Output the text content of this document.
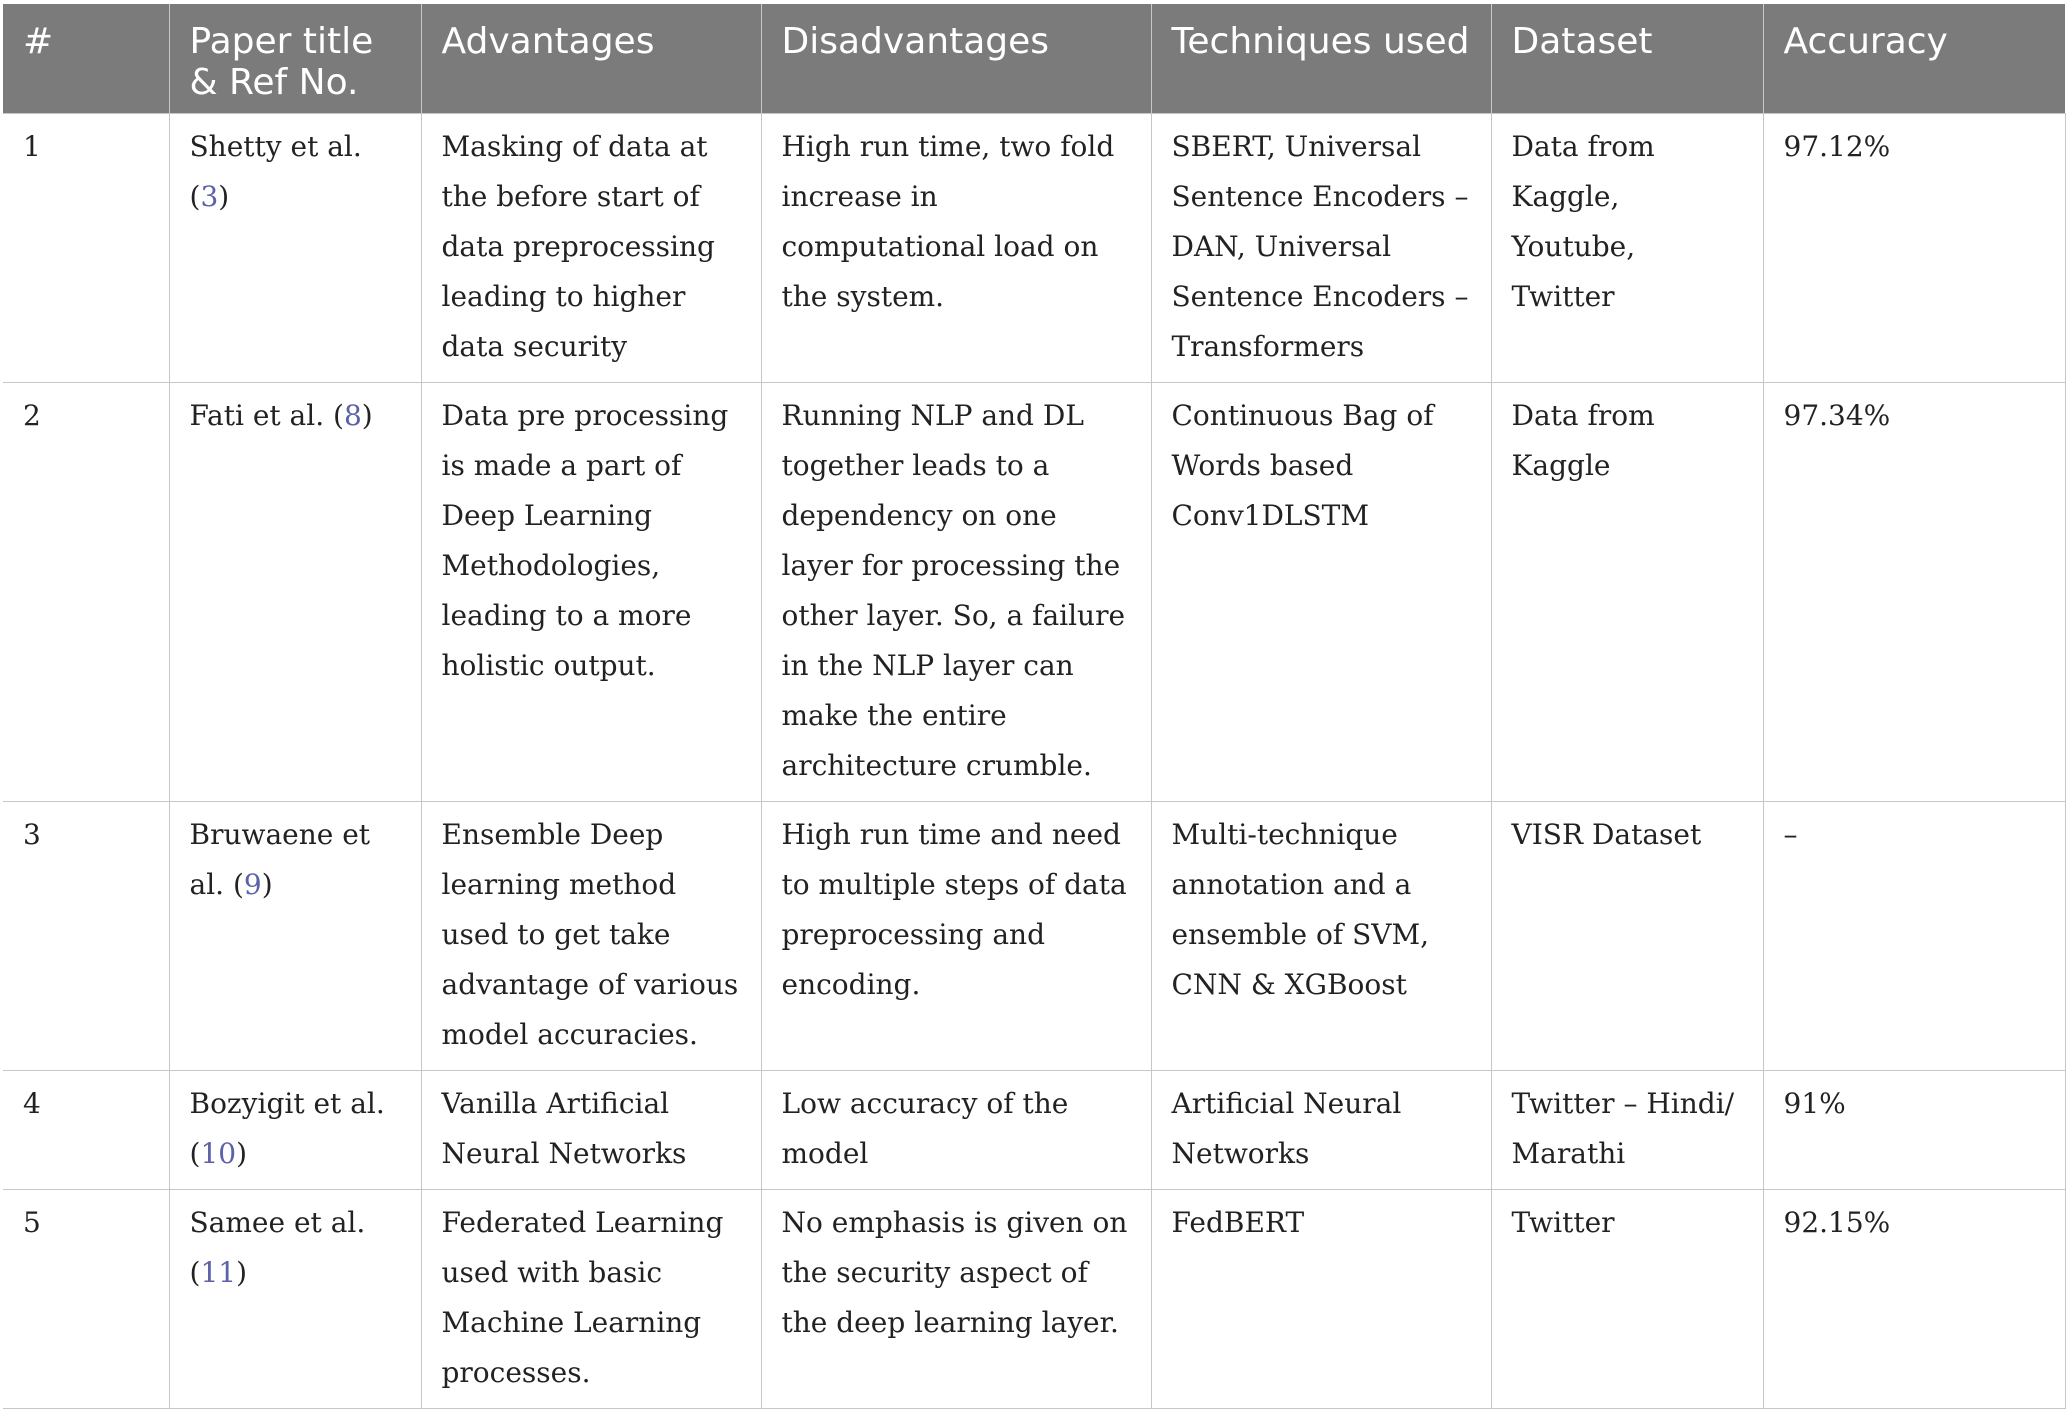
#	Paper title & Ref No.	Advantages	Disadvantages	Techniques used	Dataset	Accuracy
1	Shetty et al. (3)	Masking of data at the before start of data preprocessing leading to higher data security	High run time, two fold increase in computational load on the system.	SBERT, Universal Sentence Encoders – DAN, Universal Sentence Encoders – Transformers	Data from Kaggle, Youtube, Twitter	97.12%
2	Fati et al. (8)	Data pre processing is made a part of Deep Learning Methodologies, leading to a more holistic output.	Running NLP and DL together leads to a dependency on one layer for processing the other layer. So, a failure in the NLP layer can make the entire architecture crumble.	Continuous Bag of Words based Conv1DLSTM	Data from Kaggle	97.34%
3	Bruwaene et al. (9)	Ensemble Deep learning method used to get take advantage of various model accuracies.	High run time and need to multiple steps of data preprocessing and encoding.	Multi-technique annotation and a ensemble of SVM, CNN & XGBoost	VISR Dataset	–
4	Bozyigit et al. (10)	Vanilla Artificial Neural Networks	Low accuracy of the model	Artificial Neural Networks	Twitter – Hindi/ Marathi	91%
5	Samee et al. (11)	Federated Learning used with basic Machine Learning processes.	No emphasis is given on the security aspect of the deep learning layer.	FedBERT	Twitter	92.15%
